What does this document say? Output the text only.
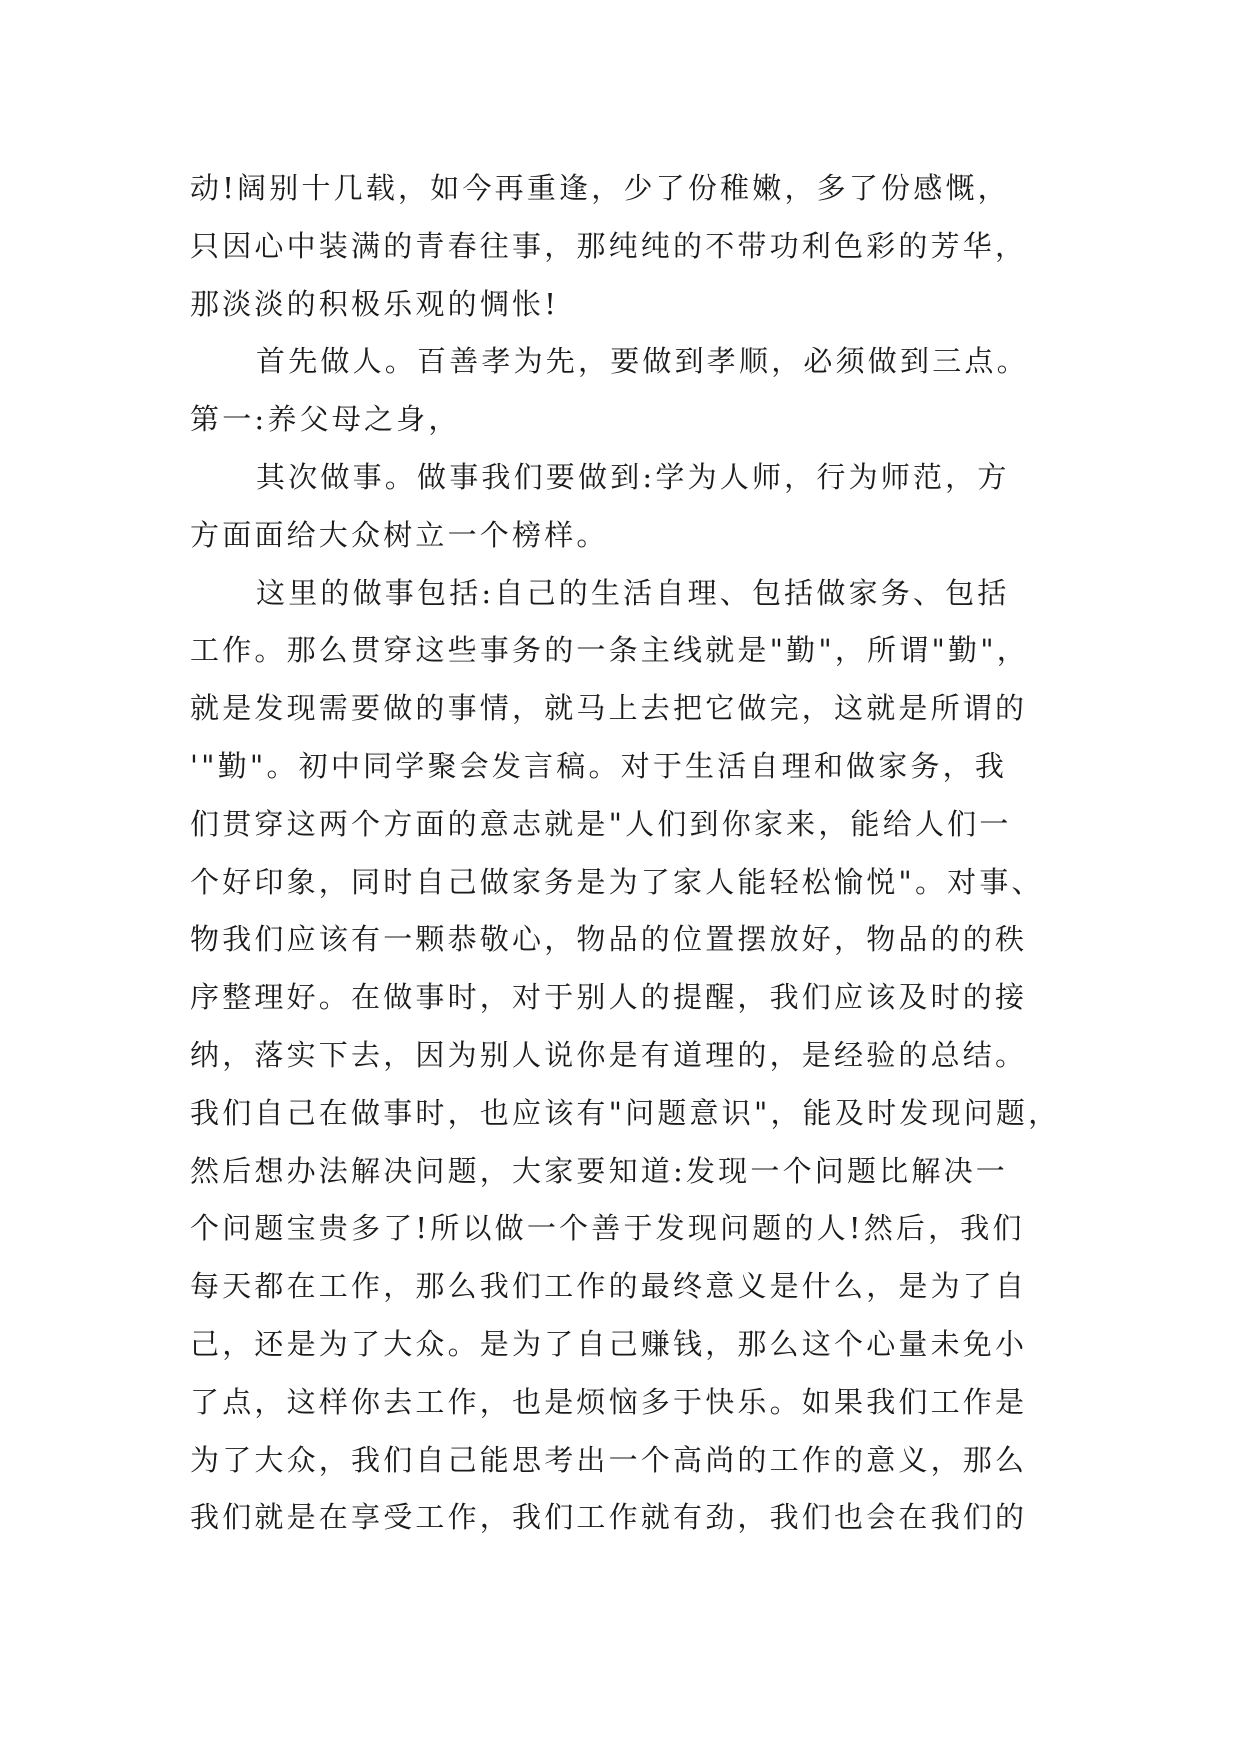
动!阔别十几载，如今再重逢，少了份稚嫩，多了份感慨，
只因心中装满的青春往事，那纯纯的不带功利色彩的芳华，
那淡淡的积极乐观的惆怅!
首先做人。百善孝为先，要做到孝顺，必须做到三点。
第一:养父母之身，
其次做事。做事我们要做到:学为人师，行为师范，方
方面面给大众树立一个榜样。
这里的做事包括:自己的生活自理、包括做家务、包括
工作。那么贯穿这些事务的一条主线就是"勤"，所谓"勤"，
就是发现需要做的事情，就马上去把它做完，这就是所谓的
'"勤"。初中同学聚会发言稿。对于生活自理和做家务，我
们贯穿这两个方面的意志就是"人们到你家来，能给人们一
个好印象，同时自己做家务是为了家人能轻松愉悦"。对事、
物我们应该有一颗恭敬心，物品的位置摆放好，物品的的秩
序整理好。在做事时，对于别人的提醒，我们应该及时的接
纳，落实下去，因为别人说你是有道理的，是经验的总结。
我们自己在做事时，也应该有"问题意识"，能及时发现问题，
然后想办法解决问题，大家要知道:发现一个问题比解决一
个问题宝贵多了!所以做一个善于发现问题的人!然后，我们
每天都在工作，那么我们工作的最终意义是什么，是为了自
己，还是为了大众。是为了自己赚钱，那么这个心量未免小
了点，这样你去工作，也是烦恼多于快乐。如果我们工作是
为了大众，我们自己能思考出一个高尚的工作的意义，那么
我们就是在享受工作，我们工作就有劲，我们也会在我们的
